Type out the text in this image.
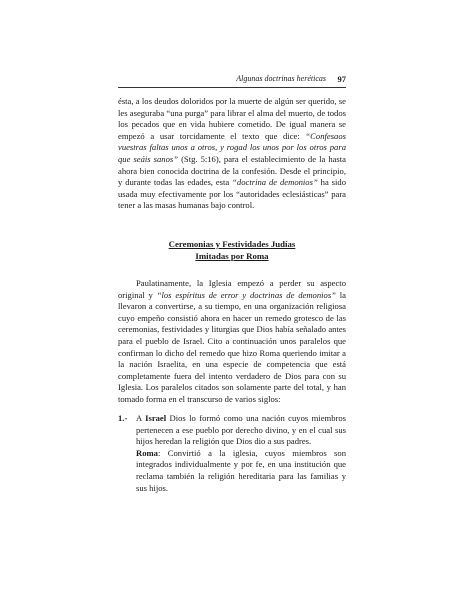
Algunas doctrinas heréticas 97

ésta, a los deudos doloridos por la muerte de algún ser querido, se les aseguraba “una purga” para librar el alma del muerto, de todos los pecados que en vida hubiere cometido. De igual manera se empezó a usar torcidamente el texto que dice: “Confesaos vuestras faltas unos a otros, y rogad los unos por los otros para que seáis sanos” (Stg. 5:16), para el establecimiento de la hasta ahora bien conocida doctrina de la confesión. Desde el principio, y durante todas las edades, esta “doctrina de demonios” ha sido usada muy efectivamente por los “autoridades eclesiásticas” para tener a las masas humanas bajo control.

Ceremonias y Festividades Judías
Imitadas por Roma

Paulatinamente, la Iglesia empezó a perder su aspecto original y “los espíritus de error y doctrinas de demonios” la llevaron a convertirse, a su tiempo, en una organización religiosa cuyo empeño consistió ahora en hacer un remedo grotesco de las ceremonias, festividades y liturgias que Dios había señalado antes para el pueblo de Israel. Cito a continuación unos paralelos que confirman lo dicho del remedo que hizo Roma queriendo imitar a la nación Israelita, en una especie de competencia que está completamente fuera del intento verdadero de Dios para con su Iglesia. Los paralelos citados son solamente parte del total, y han tomado forma en el transcurso de varios siglos:

1.- A Israel Dios lo formó como una nación cuyos miembros pertenecen a ese pueblo por derecho divino, y en el cual sus hijos heredan la religión que Dios dio a sus padres.

Roma: Convirtió a la iglesia, cuyos miembros son integrados individualmente y por fe, en una institución que reclama también la religión hereditaria para las familias y sus hijos.
